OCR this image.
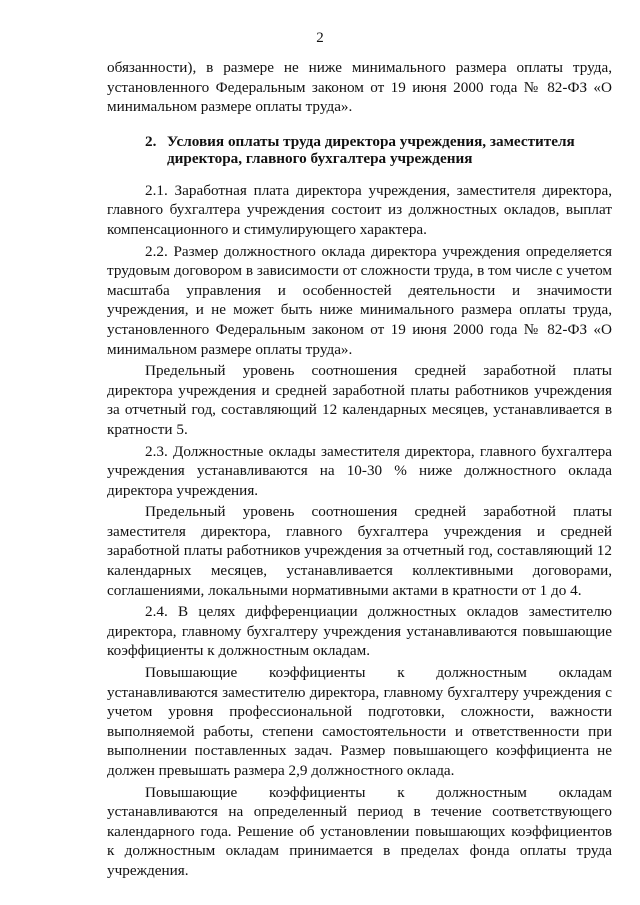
2

обязанности), в размере не ниже минимального размера оплаты труда, установленного Федеральным законом от 19 июня 2000 года № 82-ФЗ «О минимальном размере оплаты труда».

2. Условия оплаты труда директора учреждения, заместителя
директора, главного бухгалтера учреждения

2.1. Заработная плата директора учреждения, заместителя директора, главного бухгалтера учреждения состоит из должностных окладов, выплат компенсационного и стимулирующего характера.

2.2. Размер должностного оклада директора учреждения определяется трудовым договором в зависимости от сложности труда, в том числе с учетом масштаба управления и особенностей деятельности и значимости учреждения, и не может быть ниже минимального размера оплаты труда, установленного Федеральным законом от 19 июня 2000 года № 82-ФЗ «О минимальном размере оплаты труда».

Предельный уровень соотношения средней заработной платы директора учреждения и средней заработной платы работников учреждения за отчетный год, составляющий 12 календарных месяцев, устанавливается в кратности 5.

2.3. Должностные оклады заместителя директора, главного бухгалтера учреждения устанавливаются на 10-30 % ниже должностного оклада директора учреждения.

Предельный уровень соотношения средней заработной платы заместителя директора, главного бухгалтера учреждения и средней заработной платы работников учреждения за отчетный год, составляющий 12 календарных месяцев, устанавливается коллективными договорами, соглашениями, локальными нормативными актами в кратности от 1 до 4.

2.4. В целях дифференциации должностных окладов заместителю директора, главному бухгалтеру учреждения устанавливаются повышающие коэффициенты к должностным окладам.

Повышающие коэффициенты к должностным окладам устанавливаются заместителю директора, главному бухгалтеру учреждения с учетом уровня профессиональной подготовки, сложности, важности выполняемой работы, степени самостоятельности и ответственности при выполнении поставленных задач. Размер повышающего коэффициента не должен превышать размера 2,9 должностного оклада.

Повышающие коэффициенты к должностным окладам устанавливаются на определенный период в течение соответствующего календарного года. Решение об установлении повышающих коэффициентов к должностным окладам принимается в пределах фонда оплаты труда учреждения.
